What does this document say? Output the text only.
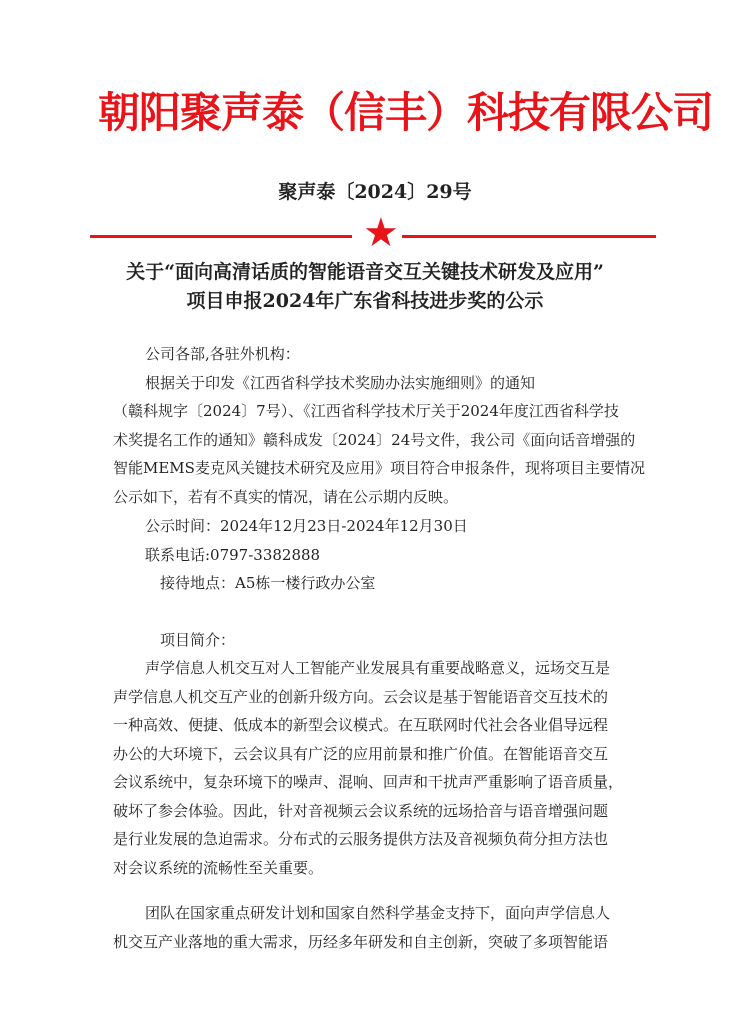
朝阳聚声泰（信丰）科技有限公司
聚声泰〔2024〕29号
★
关于“面向高清话质的智能语音交互关键技术研发及应用”
项目申报2024年广东省科技进步奖的公示
公司各部,各驻外机构：
根据关于印发《江西省科学技术奖励办法实施细则》的通知
（赣科规字〔2024〕7号）、《江西省科学技术厅关于2024年度江西省科学技
术奖提名工作的通知》赣科成发〔2024〕24号文件，我公司《面向话音增强的
智能MEMS麦克风关键技术研究及应用》项目符合申报条件，现将项目主要情况
公示如下，若有不真实的情况，请在公示期内反映。
公示时间：2024年12月23日-2024年12月30日
联系电话:0797-3382888
接待地点：A5栋一楼行政办公室
项目简介：
声学信息人机交互对人工智能产业发展具有重要战略意义，远场交互是
声学信息人机交互产业的创新升级方向。云会议是基于智能语音交互技术的
一种高效、便捷、低成本的新型会议模式。在互联网时代社会各业倡导远程
办公的大环境下，云会议具有广泛的应用前景和推广价值。在智能语音交互
会议系统中，复杂环境下的噪声、混响、回声和干扰声严重影响了语音质量，
破坏了参会体验。因此，针对音视频云会议系统的远场拾音与语音增强问题
是行业发展的急迫需求。分布式的云服务提供方法及音视频负荷分担方法也
对会议系统的流畅性至关重要。
团队在国家重点研发计划和国家自然科学基金支持下，面向声学信息人
机交互产业落地的重大需求，历经多年研发和自主创新，突破了多项智能语
